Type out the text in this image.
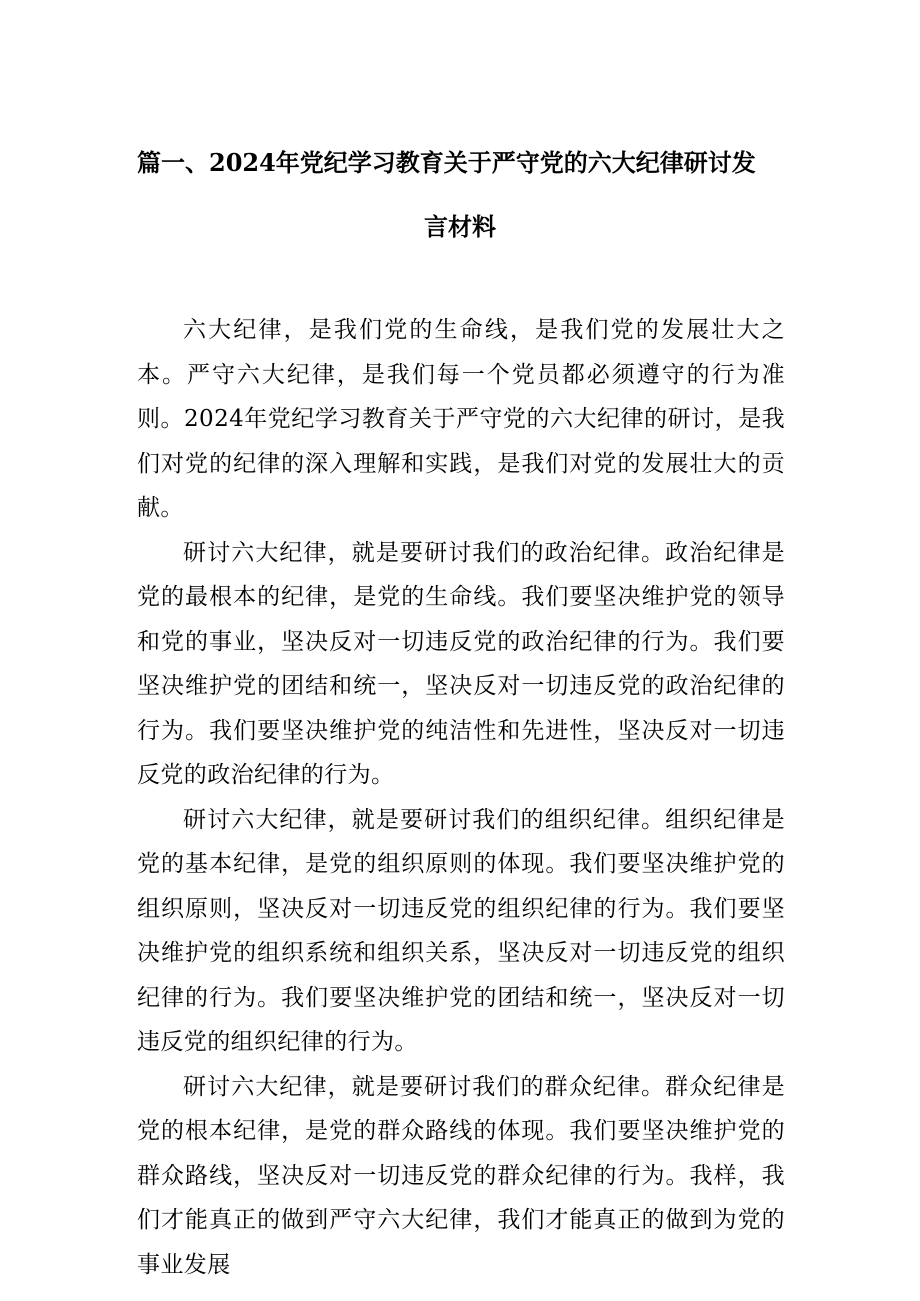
篇一、2024年党纪学习教育关于严守党的六大纪律研讨发
言材料

六大纪律，是我们党的生命线，是我们党的发展壮大之本。严守六大纪律，是我们每一个党员都必须遵守的行为准则。2024年党纪学习教育关于严守党的六大纪律的研讨，是我们对党的纪律的深入理解和实践，是我们对党的发展壮大的贡献。

研讨六大纪律，就是要研讨我们的政治纪律。政治纪律是党的最根本的纪律，是党的生命线。我们要坚决维护党的领导和党的事业，坚决反对一切违反党的政治纪律的行为。我们要坚决维护党的团结和统一，坚决反对一切违反党的政治纪律的行为。我们要坚决维护党的纯洁性和先进性，坚决反对一切违反党的政治纪律的行为。

研讨六大纪律，就是要研讨我们的组织纪律。组织纪律是党的基本纪律，是党的组织原则的体现。我们要坚决维护党的组织原则，坚决反对一切违反党的组织纪律的行为。我们要坚决维护党的组织系统和组织关系，坚决反对一切违反党的组织纪律的行为。我们要坚决维护党的团结和统一，坚决反对一切违反党的组织纪律的行为。

研讨六大纪律，就是要研讨我们的群众纪律。群众纪律是党的根本纪律，是党的群众路线的体现。我们要坚决维护党的群众路线，坚决反对一切违反党的群众纪律的行为。我样，我们才能真正的做到严守六大纪律，我们才能真正的做到为党的事业发展
